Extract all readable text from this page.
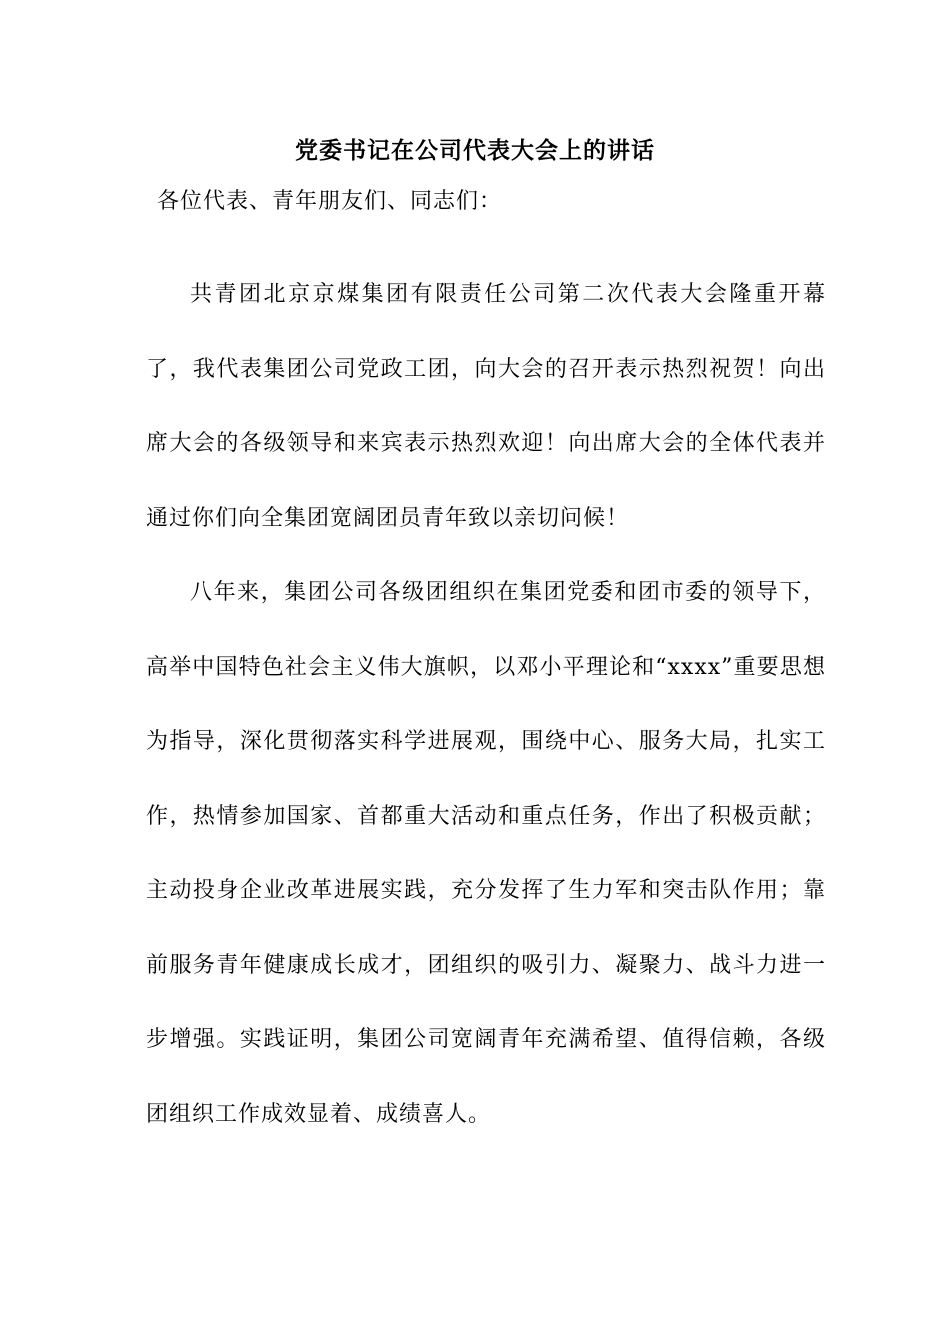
党委书记在公司代表大会上的讲话
各位代表、青年朋友们、同志们：

共青团北京京煤集团有限责任公司第二次代表大会隆重开幕了，我代表集团公司党政工团，向大会的召开表示热烈祝贺！向出席大会的各级领导和来宾表示热烈欢迎！向出席大会的全体代表并通过你们向全集团宽阔团员青年致以亲切问候！

八年来，集团公司各级团组织在集团党委和团市委的领导下，高举中国特色社会主义伟大旗帜，以邓小平理论和“xxxx”重要思想为指导，深化贯彻落实科学进展观，围绕中心、服务大局，扎实工作，热情参加国家、首都重大活动和重点任务，作出了积极贡献；主动投身企业改革进展实践，充分发挥了生力军和突击队作用；靠前服务青年健康成长成才，团组织的吸引力、凝聚力、战斗力进一步增强。实践证明，集团公司宽阔青年充满希望、值得信赖，各级团组织工作成效显着、成绩喜人。
